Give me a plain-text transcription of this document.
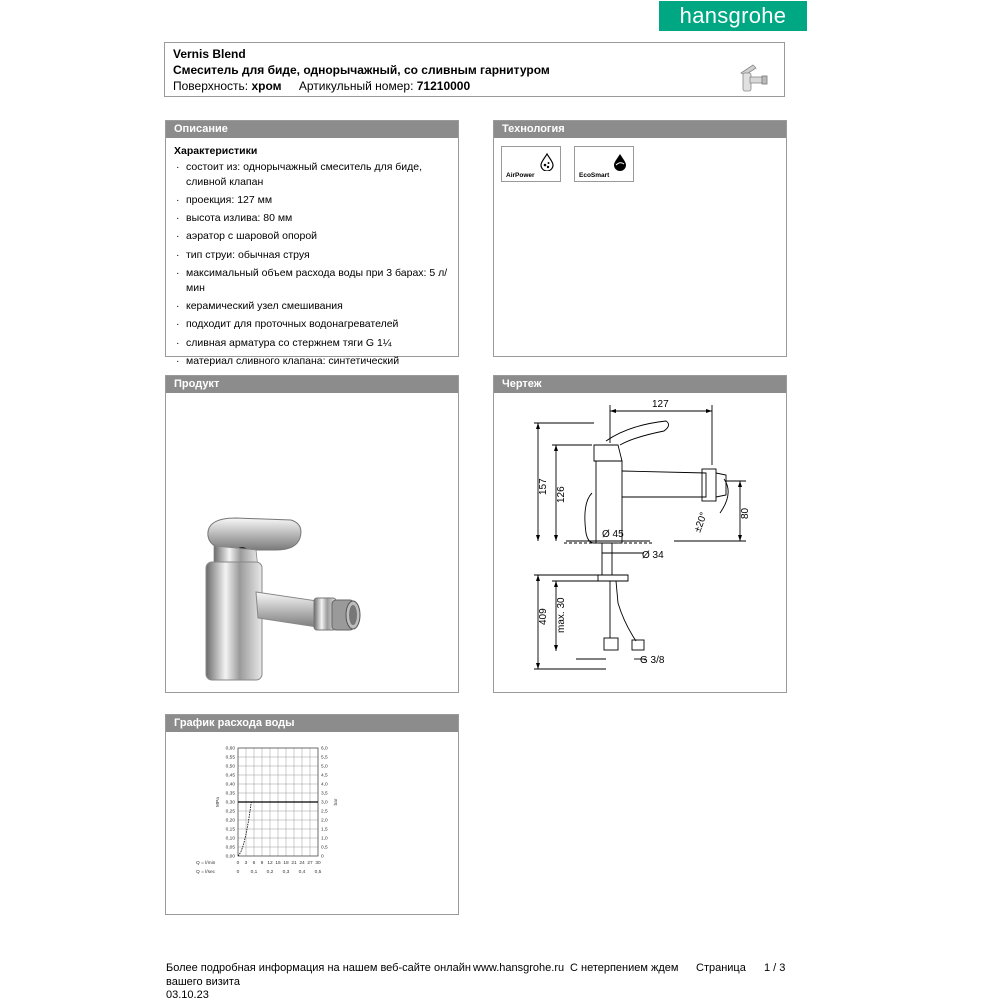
hansgrohe
Vernis Blend
Смеситель для биде, однорычажный, со сливным гарнитуром
Поверхность: хром Артикульный номер: 71210000
Описание
Характеристики
· состоит из: однорычажный смеситель для биде, сливной клапан
· проекция: 127 мм
· высота излива: 80 мм
· аэратор с шаровой опорой
· тип струи: обычная струя
· максимальный объем расхода воды при 3 барах: 5 л/мин
· керамический узел смешивания
· подходит для проточных водонагревателей
· сливная арматура со стержнем тяги G 1¼
· материал сливного клапана: синтетический
Технология
AirPower	EcoSmart
Продукт	Чертеж
127
157 126
Ø 45
±20°	80
Ø 34
409 max. 30
G 3/8
График расхода воды
0,60	6,0
0,55	5,5
0,50	5,0
0,45	4,5
0,40	4,0
0,35	3,5
0,30	3,0
0,25	2,5
0,20	2,0
0,15	1,5
0,10	1,0
0,05	0,5
0,00	0
0 3 6 9 12 15 18 21 24 27 30
0 0,1 0,2 0,3 0,4 0,5
Q = l/min
Q = l/sec
MPa	bar
Более подробная информация на нашем веб-сайте онлайн www.hansgrohe.ru С нетерпением ждем
вашего визита
Страница 1 / 3
03.10.23
